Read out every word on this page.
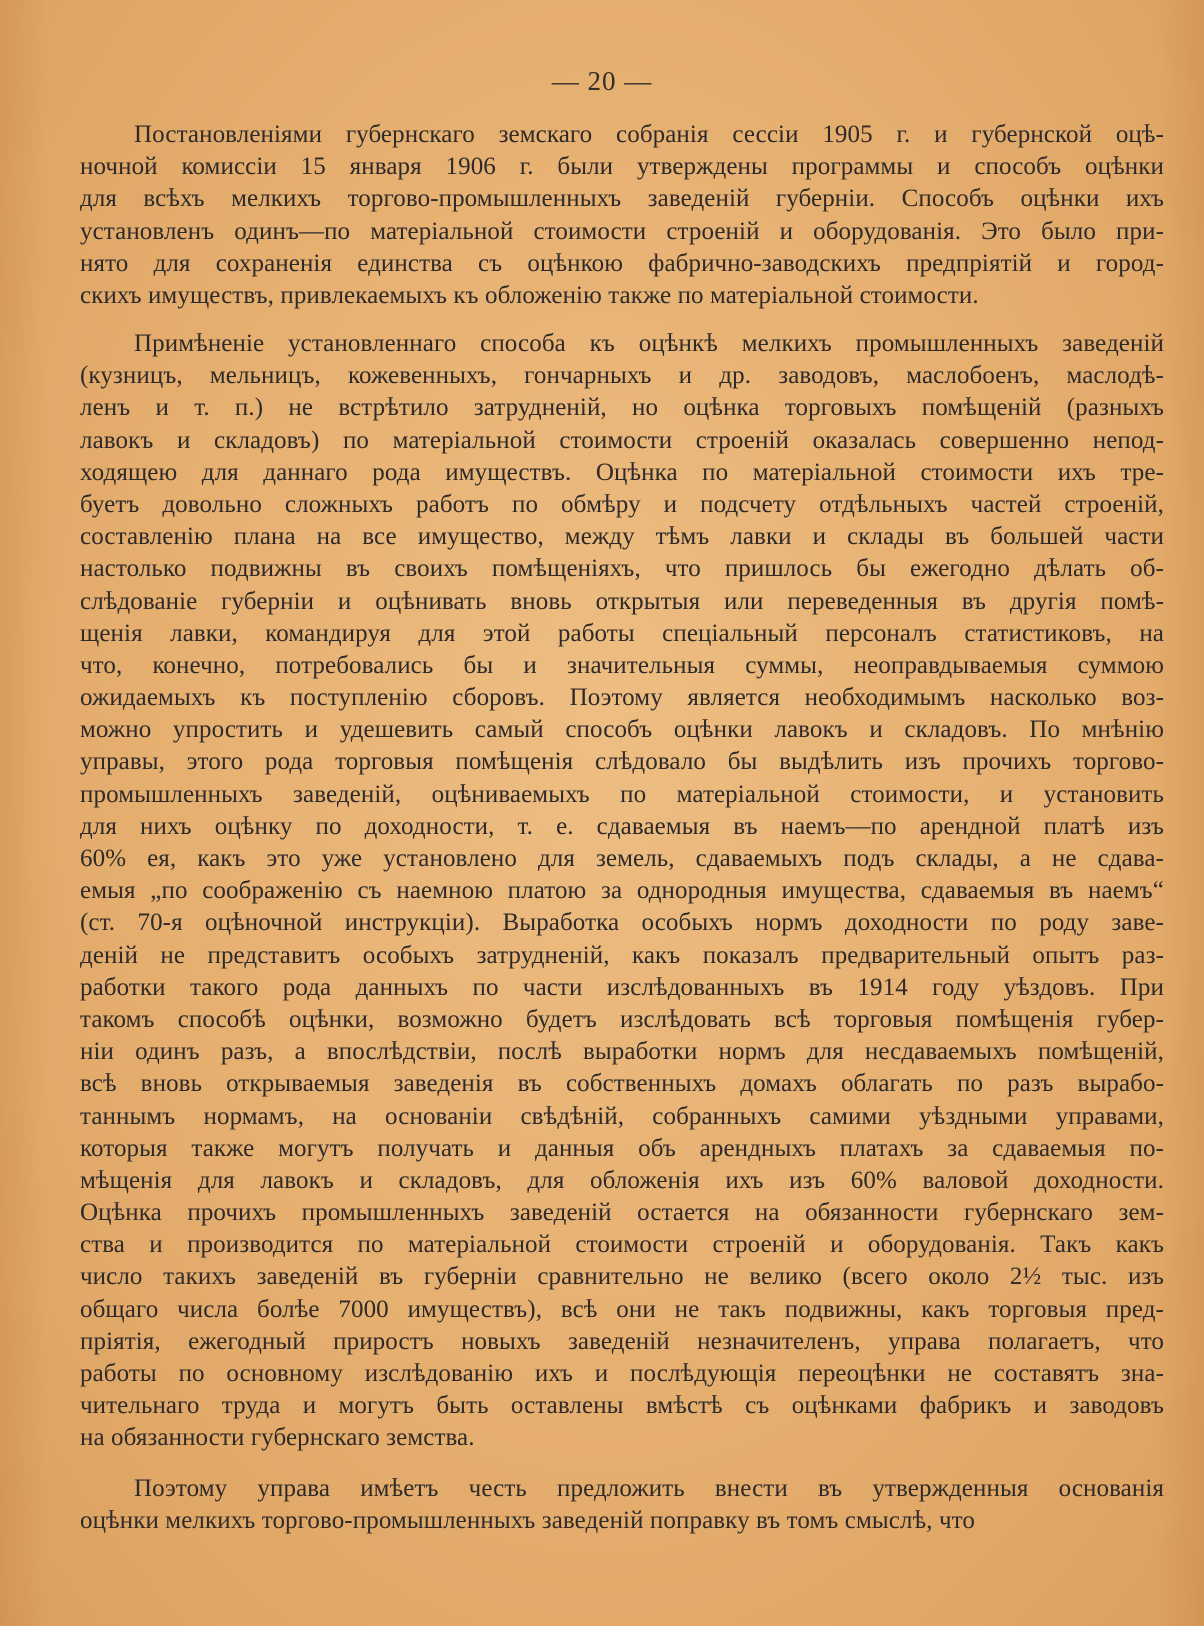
— 20 —
Постановленіями губернскаго земскаго собранія сессіи 1905 г. и губернской оцѣ-
ночной комиссіи 15 января 1906 г. были утверждены программы и способъ оцѣнки
для всѣхъ мелкихъ торгово-промышленныхъ заведеній губерніи. Способъ оцѣнки ихъ
установленъ одинъ—по матеріальной стоимости строеній и оборудованія. Это было при-
нято для сохраненія единства съ оцѣнкою фабрично-заводскихъ предпріятій и город-
скихъ имуществъ, привлекаемыхъ къ обложенію также по матеріальной стоимости.
Примѣненіе установленнаго способа къ оцѣнкѣ мелкихъ промышленныхъ заведеній
(кузницъ, мельницъ, кожевенныхъ, гончарныхъ и др. заводовъ, маслобоенъ, маслодѣ-
ленъ и т. п.) не встрѣтило затрудненій, но оцѣнка торговыхъ помѣщеній (разныхъ
лавокъ и складовъ) по матеріальной стоимости строеній оказалась совершенно непод-
ходящею для даннаго рода имуществъ. Оцѣнка по матеріальной стоимости ихъ тре-
буетъ довольно сложныхъ работъ по обмѣру и подсчету отдѣльныхъ частей строеній,
составленію плана на все имущество, между тѣмъ лавки и склады въ большей части
настолько подвижны въ своихъ помѣщеніяхъ, что пришлось бы ежегодно дѣлать об-
слѣдованіе губерніи и оцѣнивать вновь открытыя или переведенныя въ другія помѣ-
щенія лавки, командируя для этой работы спеціальный персоналъ статистиковъ, на
что, конечно, потребовались бы и значительныя суммы, неоправдываемыя суммою
ожидаемыхъ къ поступленію сборовъ. Поэтому является необходимымъ насколько воз-
можно упростить и удешевить самый способъ оцѣнки лавокъ и складовъ. По мнѣнію
управы, этого рода торговыя помѣщенія слѣдовало бы выдѣлить изъ прочихъ торгово-
промышленныхъ заведеній, оцѣниваемыхъ по матеріальной стоимости, и установить
для нихъ оцѣнку по доходности, т. е. сдаваемыя въ наемъ—по арендной платѣ изъ
60% ея, какъ это уже установлено для земель, сдаваемыхъ подъ склады, а не сдава-
емыя „по соображенію съ наемною платою за однородныя имущества, сдаваемыя въ наемъ“
(ст. 70-я оцѣночной инструкціи). Выработка особыхъ нормъ доходности по роду заве-
деній не представитъ особыхъ затрудненій, какъ показалъ предварительный опытъ раз-
работки такого рода данныхъ по части изслѣдованныхъ въ 1914 году уѣздовъ. При
такомъ способѣ оцѣнки, возможно будетъ изслѣдовать всѣ торговыя помѣщенія губер-
ніи одинъ разъ, а впослѣдствіи, послѣ выработки нормъ для несдаваемыхъ помѣщеній,
всѣ вновь открываемыя заведенія въ собственныхъ домахъ облагать по разъ вырабо-
таннымъ нормамъ, на основаніи свѣдѣній, собранныхъ самими уѣздными управами,
которыя также могутъ получать и данныя объ арендныхъ платахъ за сдаваемыя по-
мѣщенія для лавокъ и складовъ, для обложенія ихъ изъ 60% валовой доходности.
Оцѣнка прочихъ промышленныхъ заведеній остается на обязанности губернскаго зем-
ства и производится по матеріальной стоимости строеній и оборудованія. Такъ какъ
число такихъ заведеній въ губерніи сравнительно не велико (всего около 2½ тыс. изъ
общаго числа болѣе 7000 имуществъ), всѣ они не такъ подвижны, какъ торговыя пред-
пріятія, ежегодный приростъ новыхъ заведеній незначителенъ, управа полагаетъ, что
работы по основному изслѣдованію ихъ и послѣдующія переоцѣнки не составятъ зна-
чительнаго труда и могутъ быть оставлены вмѣстѣ съ оцѣнками фабрикъ и заводовъ
на обязанности губернскаго земства.
Поэтому управа имѣетъ честь предложить внести въ утвержденныя основанія
оцѣнки мелкихъ торгово-промышленныхъ заведеній поправку въ томъ смыслѣ, что
